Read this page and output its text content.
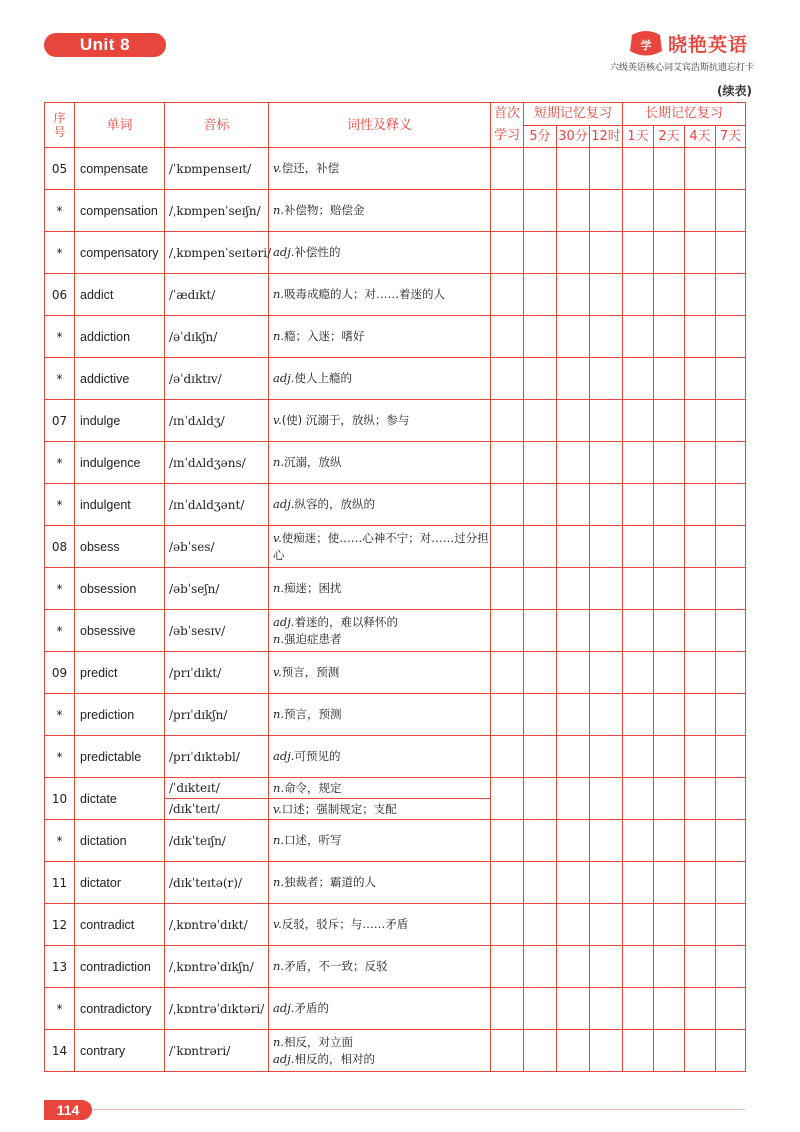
Unit 8	学 晓艳英语
六级英语核心词艾宾浩斯抗遗忘打卡
(续表)
序号	单词	音标	词性及释义	首次学习	短期记忆复习			长期记忆复习			
					5分	30分	12时	1天	2天	4天	7天
05	compensate	/ˈkɒmpenseɪt/	v.偿还，补偿								

*	compensation	/ˌkɒmpenˈseɪʃn/	n.补偿物；赔偿金								

*	compensatory	/ˌkɒmpenˈseɪtəri/	adj.补偿性的								

06	addict	/ˈædɪkt/	n.吸毒成瘾的人；对……着迷的人								

*	addiction	/əˈdɪkʃn/	n.瘾；入迷；嗜好								

*	addictive	/əˈdɪktɪv/	adj.使人上瘾的								

07	indulge	/ɪnˈdʌldʒ/	v.(使) 沉溺于，放纵；参与								

*	indulgence	/ɪnˈdʌldʒəns/	n.沉溺，放纵								

*	indulgent	/ɪnˈdʌldʒənt/	adj.纵容的，放纵的								

08	obsess	/əbˈses/	v.使痴迷；使……心神不宁；对……过分担心								

*	obsession	/əbˈseʃn/	n.痴迷；困扰								

*	obsessive	/əbˈsesɪv/	adj.着迷的，难以释怀的
n.强迫症患者								

09	predict	/prɪˈdɪkt/	v.预言，预测								

*	prediction	/prɪˈdɪkʃn/	n.预言，预测								

*	predictable	/prɪˈdɪktəbl/	adj.可预见的								

10	dictate	/ˈdɪkteɪt/	n.命令，规定								

		/dɪkˈteɪt/	v.口述；强制规定；支配								

*	dictation	/dɪkˈteɪʃn/	n.口述，听写								

11	dictator	/dɪkˈteɪtə(r)/	n.独裁者；霸道的人								

12	contradict	/ˌkɒntrəˈdɪkt/	v.反驳，驳斥；与……矛盾								

13	contradiction	/ˌkɒntrəˈdɪkʃn/	n.矛盾，不一致；反驳								

*	contradictory	/ˌkɒntrəˈdɪktəri/	adj.矛盾的								

14	contrary	/ˈkɒntrəri/	n.相反，对立面
adj.相反的，相对的								

114
